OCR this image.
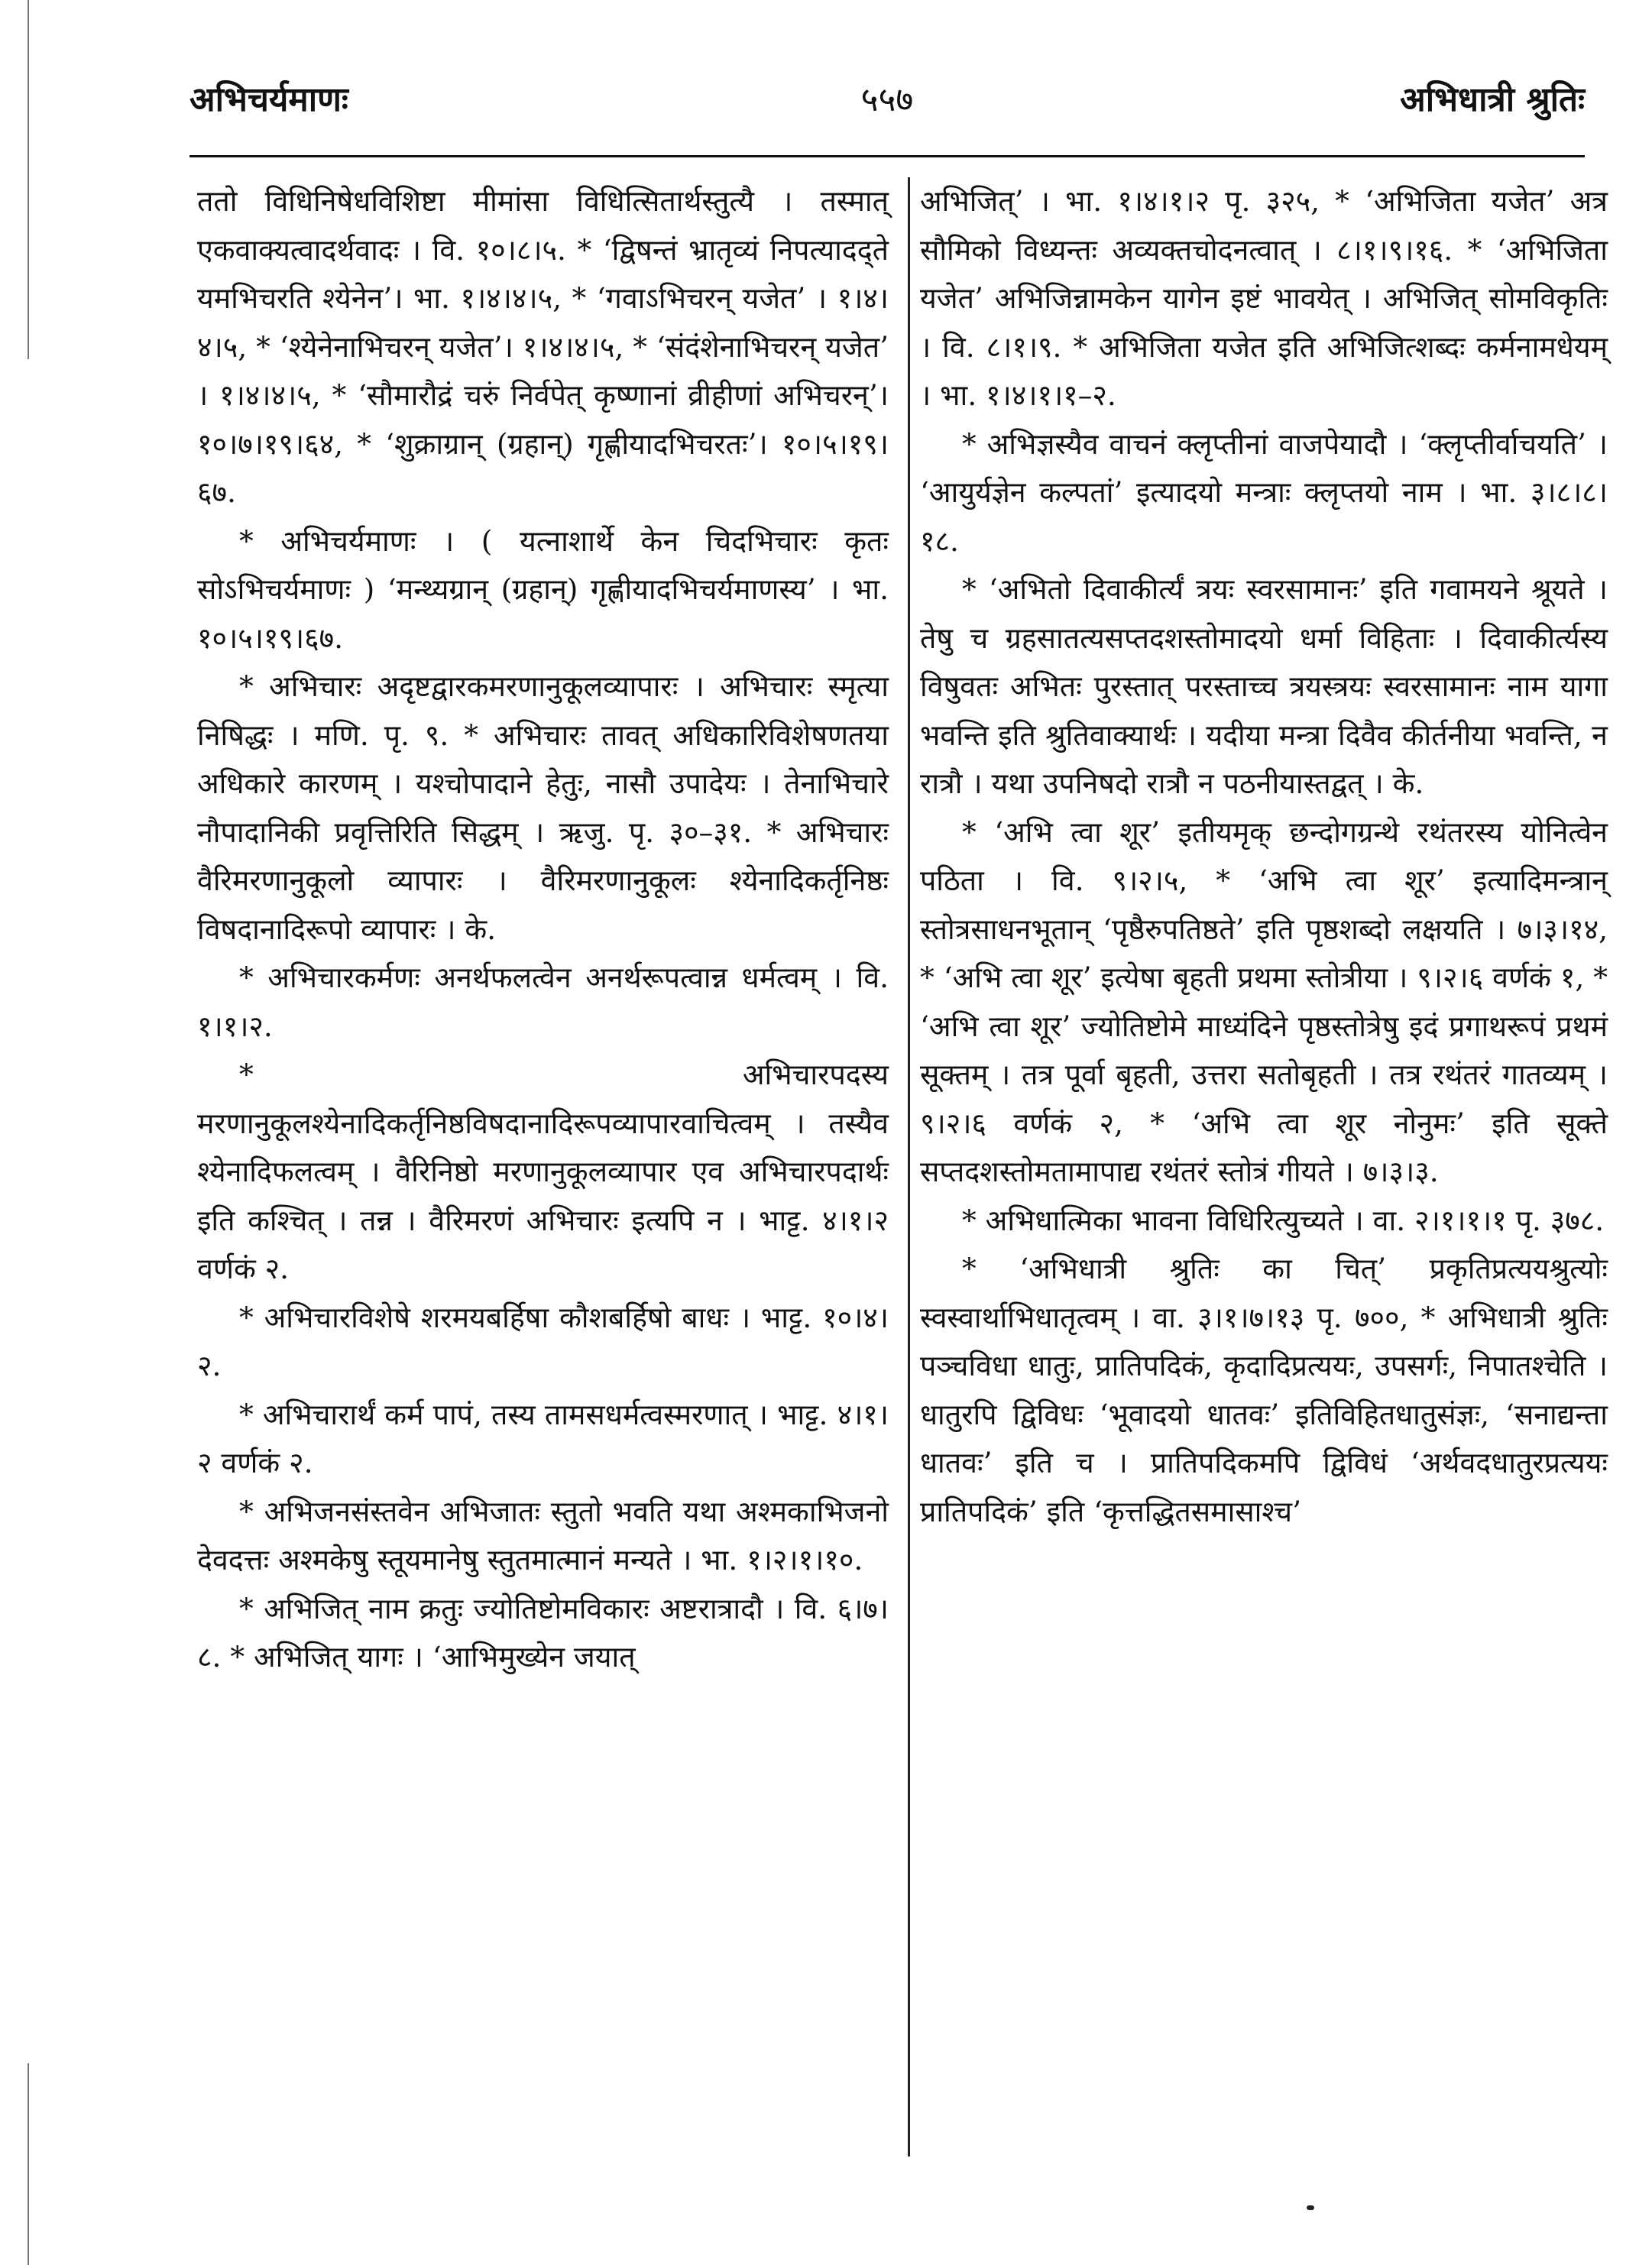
अभिचर्यमाणः	५५७	अभिधात्री श्रुतिः

ततो विधिनिषेधविशिष्टा मीमांसा विधित्सितार्थस्तुत्यै । तस्मात् एकवाक्यत्वादर्थवादः । वि. १०।८।५. * ‘द्विषन्तं भ्रातृव्यं निपत्यादद्ते यमभिचरति श्येनेन’। भा. १।४।४।५, * ‘गवाऽभिचरन् यजेत’ । १।४। ४।५, * ‘श्येनेनाभिचरन् यजेत’। १।४।४।५, * ‘संदंशेनाभिचरन् यजेत’ । १।४।४।५, * ‘सौमारौद्रं चरुं निर्वपेत् कृष्णानां व्रीहीणां अभिचरन्’। १०।७।१९।६४, * ‘शुक्राग्रान् (ग्रहान्) गृह्णीयादभिचरतः’। १०।५।१९।६७.

* अभिचर्यमाणः । ( यत्नाशार्थे केन चिदभिचारः कृतः सोऽभिचर्यमाणः ) ‘मन्थ्यग्रान् (ग्रहान्) गृह्णीयादभिचर्यमाणस्य’ । भा. १०।५।१९।६७.

* अभिचारः अदृष्टद्वारकमरणानुकूलव्यापारः । अभिचारः स्मृत्या निषिद्धः । मणि. पृ. ९. * अभिचारः तावत् अधिकारिविशेषणतया अधिकारे कारणम् । यश्चोपादाने हेतुः, नासौ उपादेयः । तेनाभिचारे नौपादानिकी प्रवृत्तिरिति सिद्धम् । ऋजु. पृ. ३०–३१. * अभिचारः वैरिमरणानुकूलो व्यापारः । वैरिमरणानुकूलः श्येनादिकर्तृनिष्ठः विषदानादिरूपो व्यापारः । के.

* अभिचारकर्मणः अनर्थफलत्वेन अनर्थरूपत्वान्न धर्मत्वम् । वि. १।१।२.

* अभिचारपदस्य मरणानुकूलश्येनादिकर्तृनिष्ठविषदानादिरूपव्यापारवाचित्वम् । तस्यैव श्येनादिफलत्वम् । वैरिनिष्ठो मरणानुकूलव्यापार एव अभिचारपदार्थः इति कश्चित् । तन्न । वैरिमरणं अभिचारः इत्यपि न । भाट्ट. ४।१।२ वर्णकं २.

* अभिचारविशेषे शरमयबर्हिषा कौशबर्हिषो बाधः । भाट्ट. १०।४।२.

* अभिचारार्थं कर्म पापं, तस्य तामसधर्मत्वस्मरणात् । भाट्ट. ४।१।२ वर्णकं २.

* अभिजनसंस्तवेन अभिजातः स्तुतो भवति यथा अश्मकाभिजनो देवदत्तः अश्मकेषु स्तूयमानेषु स्तुतमात्मानं मन्यते । भा. १।२।१।१०.

* अभिजित् नाम क्रतुः ज्योतिष्टोमविकारः अष्टरात्रादौ । वि. ६।७।८. * अभिजित् यागः । ‘आभिमुख्येन जयात्

अभिजित्’ । भा. १।४।१।२ पृ. ३२५, * ‘अभिजिता यजेत’ अत्र सौमिको विध्यन्तः अव्यक्तचोदनत्वात् । ८।१।९।१६. * ‘अभिजिता यजेत’ अभिजिन्नामकेन यागेन इष्टं भावयेत् । अभिजित् सोमविकृतिः । वि. ८।१।९. * अभिजिता यजेत इति अभिजित्शब्दः कर्मनामधेयम् । भा. १।४।१।१–२.

* अभिज्ञस्यैव वाचनं क्लृप्तीनां वाजपेयादौ । ‘क्लृप्तीर्वाचयति’ । ‘आयुर्यज्ञेन कल्पतां’ इत्यादयो मन्त्राः क्लृप्तयो नाम । भा. ३।८।८।१८.

* ‘अभितो दिवाकीर्त्यं त्रयः स्वरसामानः’ इति गवामयने श्रूयते । तेषु च ग्रहसातत्यसप्तदशस्तोमादयो धर्मा विहिताः । दिवाकीर्त्यस्य विषुवतः अभितः पुरस्तात् परस्ताच्च त्रयस्त्रयः स्वरसामानः नाम यागा भवन्ति इति श्रुतिवाक्यार्थः । यदीया मन्त्रा दिवैव कीर्तनीया भवन्ति, न रात्रौ । यथा उपनिषदो रात्रौ न पठनीयास्तद्वत् । के.

* ‘अभि त्वा शूर’ इतीयमृक् छन्दोगग्रन्थे रथंतरस्य योनित्वेन पठिता । वि. ९।२।५, * ‘अभि त्वा शूर’ इत्यादिमन्त्रान् स्तोत्रसाधनभूतान् ‘पृष्ठैरुपतिष्ठते’ इति पृष्ठशब्दो लक्षयति । ७।३।१४, * ‘अभि त्वा शूर’ इत्येषा बृहती प्रथमा स्तोत्रीया । ९।२।६ वर्णकं १, * ‘अभि त्वा शूर’ ज्योतिष्टोमे माध्यंदिने पृष्ठस्तोत्रेषु इदं प्रगाथरूपं प्रथमं सूक्तम् । तत्र पूर्वा बृहती, उत्तरा सतोबृहती । तत्र रथंतरं गातव्यम् । ९।२।६ वर्णकं २, * ‘अभि त्वा शूर नोनुमः’ इति सूक्ते सप्तदशस्तोमतामापाद्य रथंतरं स्तोत्रं गीयते । ७।३।३.

* अभिधात्मिका भावना विधिरित्युच्यते । वा. २।१।१।१ पृ. ३७८.

* ‘अभिधात्री श्रुतिः का चित्’ प्रकृतिप्रत्ययश्रुत्योः स्वस्वार्थाभिधातृत्वम् । वा. ३।१।७।१३ पृ. ७००, * अभिधात्री श्रुतिः पञ्चविधा धातुः, प्रातिपदिकं, कृदादिप्रत्ययः, उपसर्गः, निपातश्चेति । धातुरपि द्विविधः ‘भूवादयो धातवः’ इतिविहितधातुसंज्ञः, ‘सनाद्यन्ता धातवः’ इति च । प्रातिपदिकमपि द्विविधं ‘अर्थवदधातुरप्रत्ययः प्रातिपदिकं’ इति ‘कृत्तद्धितसमासाश्च’
